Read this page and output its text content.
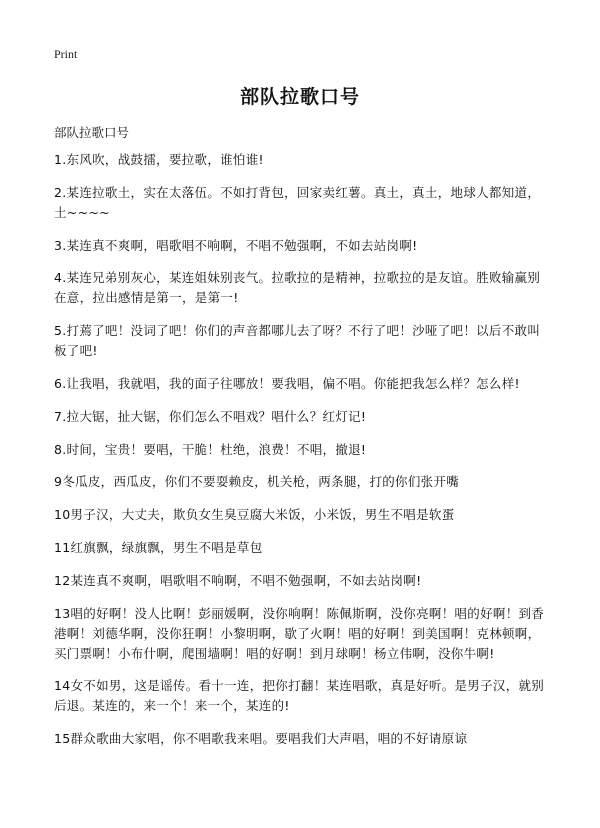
Print
部队拉歌口号
部队拉歌口号

1.东风吹，战鼓擂，要拉歌，谁怕谁!

2.某连拉歌土，实在太落伍。不如打背包，回家卖红薯。真土，真土，地球人都知道，土~~~~

3.某连真不爽啊，唱歌唱不响啊，不唱不勉强啊，不如去站岗啊!

4.某连兄弟别灰心，某连姐妹别丧气。拉歌拉的是精神，拉歌拉的是友谊。胜败输赢别在意，拉出感情是第一，是第一!

5.打蔫了吧！没词了吧！你们的声音都哪儿去了呀？不行了吧！沙哑了吧！以后不敢叫板了吧!

6.让我唱，我就唱，我的面子往哪放！要我唱，偏不唱。你能把我怎么样？怎么样!

7.拉大锯，扯大锯，你们怎么不唱戏？唱什么？红灯记!

8.时间，宝贵！要唱，干脆！杜绝，浪费！不唱，撤退!

9冬瓜皮，西瓜皮，你们不要耍赖皮，机关枪，两条腿，打的你们张开嘴

10男子汉，大丈夫，欺负女生臭豆腐大米饭，小米饭，男生不唱是软蛋

11红旗飘，绿旗飘，男生不唱是草包

12某连真不爽啊，唱歌唱不响啊，不唱不勉强啊，不如去站岗啊!

13唱的好啊！没人比啊！彭丽媛啊，没你响啊！陈佩斯啊，没你亮啊！唱的好啊！到香港啊！刘德华啊，没你狂啊！小黎明啊，歇了火啊！唱的好啊！到美国啊！克林顿啊，买门票啊！小布什啊，爬围墙啊！唱的好啊！到月球啊！杨立伟啊，没你牛啊!

14女不如男，这是谣传。看十一连，把你打翻！某连唱歌，真是好听。是男子汉，就别后退。某连的，来一个！来一个，某连的!

15群众歌曲大家唱，你不唱歌我来唱。要唱我们大声唱，唱的不好请原谅
